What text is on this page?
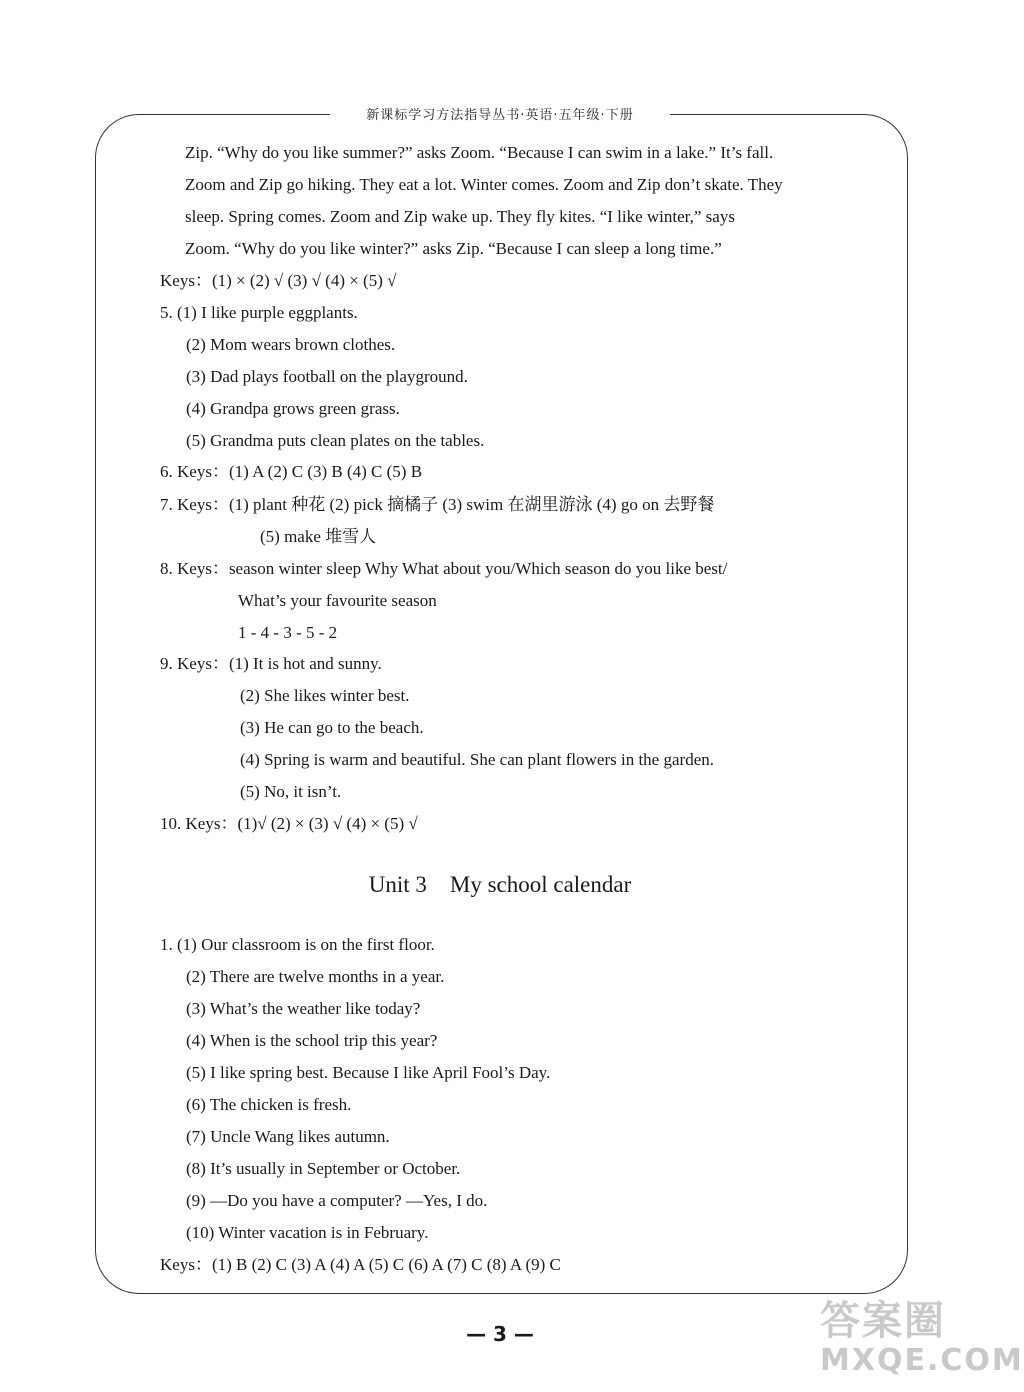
新课标学习方法指导丛书·英语·五年级·下册
Zip. “Why do you like summer?” asks Zoom. “Because I can swim in a lake.” It’s fall.
Zoom and Zip go hiking. They eat a lot. Winter comes. Zoom and Zip don’t skate. They
sleep. Spring comes. Zoom and Zip wake up. They fly kites. “I like winter,” says
Zoom. “Why do you like winter?” asks Zip. “Because I can sleep a long time.”
Keys：(1) × (2) √ (3) √ (4) × (5) √
5. (1) I like purple eggplants.
(2) Mom wears brown clothes.
(3) Dad plays football on the playground.
(4) Grandpa grows green grass.
(5) Grandma puts clean plates on the tables.
6. Keys：(1) A (2) C (3) B (4) C (5) B
7. Keys：(1) plant 种花 (2) pick 摘橘子 (3) swim 在湖里游泳 (4) go on 去野餐
(5) make 堆雪人
8. Keys：season winter sleep Why What about you/Which season do you like best/
What’s your favourite season
1 - 4 - 3 - 5 - 2
9. Keys：(1) It is hot and sunny.
(2) She likes winter best.
(3) He can go to the beach.
(4) Spring is warm and beautiful. She can plant flowers in the garden.
(5) No, it isn’t.
10. Keys：(1)√ (2) × (3) √ (4) × (5) √
Unit 3    My school calendar
1. (1) Our classroom is on the first floor.
(2) There are twelve months in a year.
(3) What’s the weather like today?
(4) When is the school trip this year?
(5) I like spring best. Because I like April Fool’s Day.
(6) The chicken is fresh.
(7) Uncle Wang likes autumn.
(8) It’s usually in September or October.
(9) —Do you have a computer? —Yes, I do.
(10) Winter vacation is in February.
Keys：(1) B (2) C (3) A (4) A (5) C (6) A (7) C (8) A (9) C
— 3 —	答案圈
MXQE.COM
